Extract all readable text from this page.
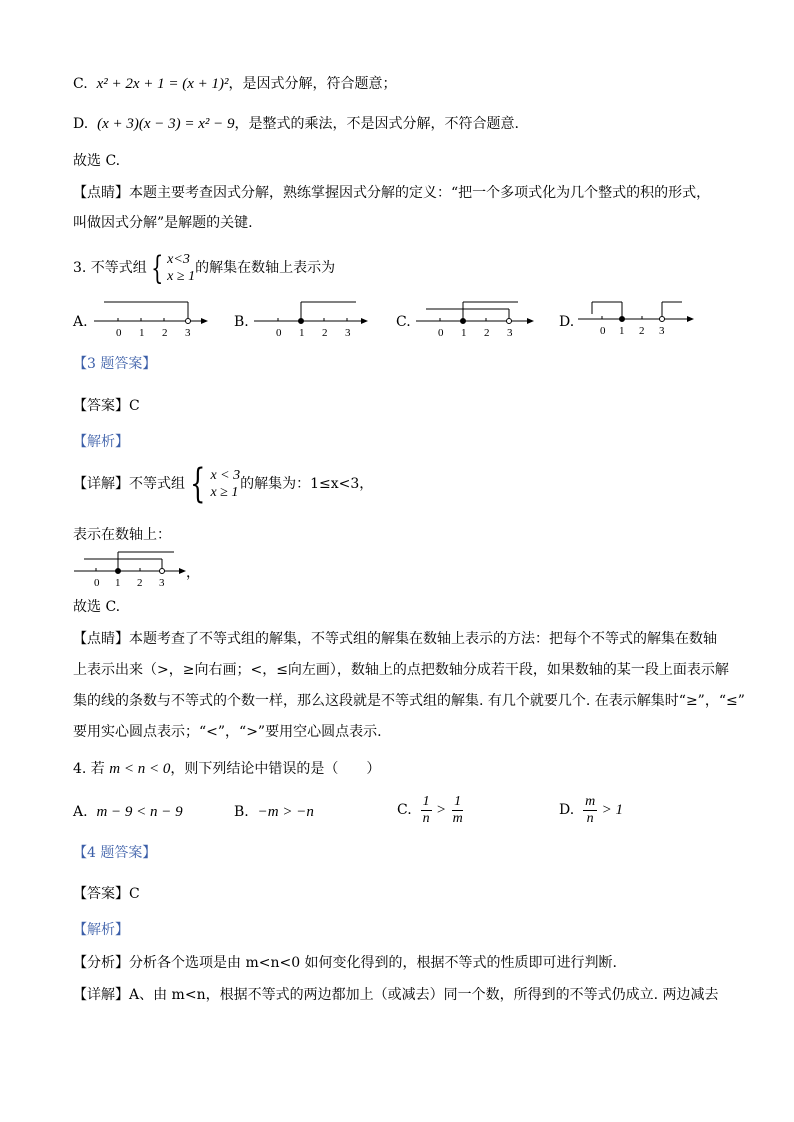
C. x² + 2x + 1 = (x + 1)²，是因式分解，符合题意；
D. (x + 3)(x − 3) = x² − 9，是整式的乘法，不是因式分解，不符合题意.
故选 C.
【点睛】本题主要考查因式分解，熟练掌握因式分解的定义：“把一个多项式化为几个整式的积的形式，
叫做因式分解”是解题的关键.
3. 不等式组 { x<3
x ≥ 1
的解集在数轴上表示为
A.
0 1 2 3
B.
0 1 2 3
C.
0 1 2 3
D.
0 1 2 3
【3 题答案】
【答案】C
【解析】
【详解】不等式组 { x < 3
x ≥ 1
的解集为：1≤x<3，
表示在数轴上：
0 1 2 3
，
故选 C.
【点睛】本题考查了不等式组的解集，不等式组的解集在数轴上表示的方法：把每个不等式的解集在数轴
上表示出来（>，≥向右画；<，≤向左画），数轴上的点把数轴分成若干段，如果数轴的某一段上面表示解
集的线的条数与不等式的个数一样，那么这段就是不等式组的解集. 有几个就要几个. 在表示解集时“≥”，“≤”
要用实心圆点表示；“<”，“>”要用空心圆点表示.
4. 若 m < n < 0，则下列结论中错误的是（　　）
A. m − 9 < n − 9	B. −m > −n	C. $\frac{1}{n} > \frac{1}{m}$	D. $\frac{m}{n} > 1$
【4 题答案】
【答案】C
【解析】
【分析】分析各个选项是由 m<n<0 如何变化得到的，根据不等式的性质即可进行判断.
【详解】A、由 m<n，根据不等式的两边都加上（或减去）同一个数，所得到的不等式仍成立. 两边减去
